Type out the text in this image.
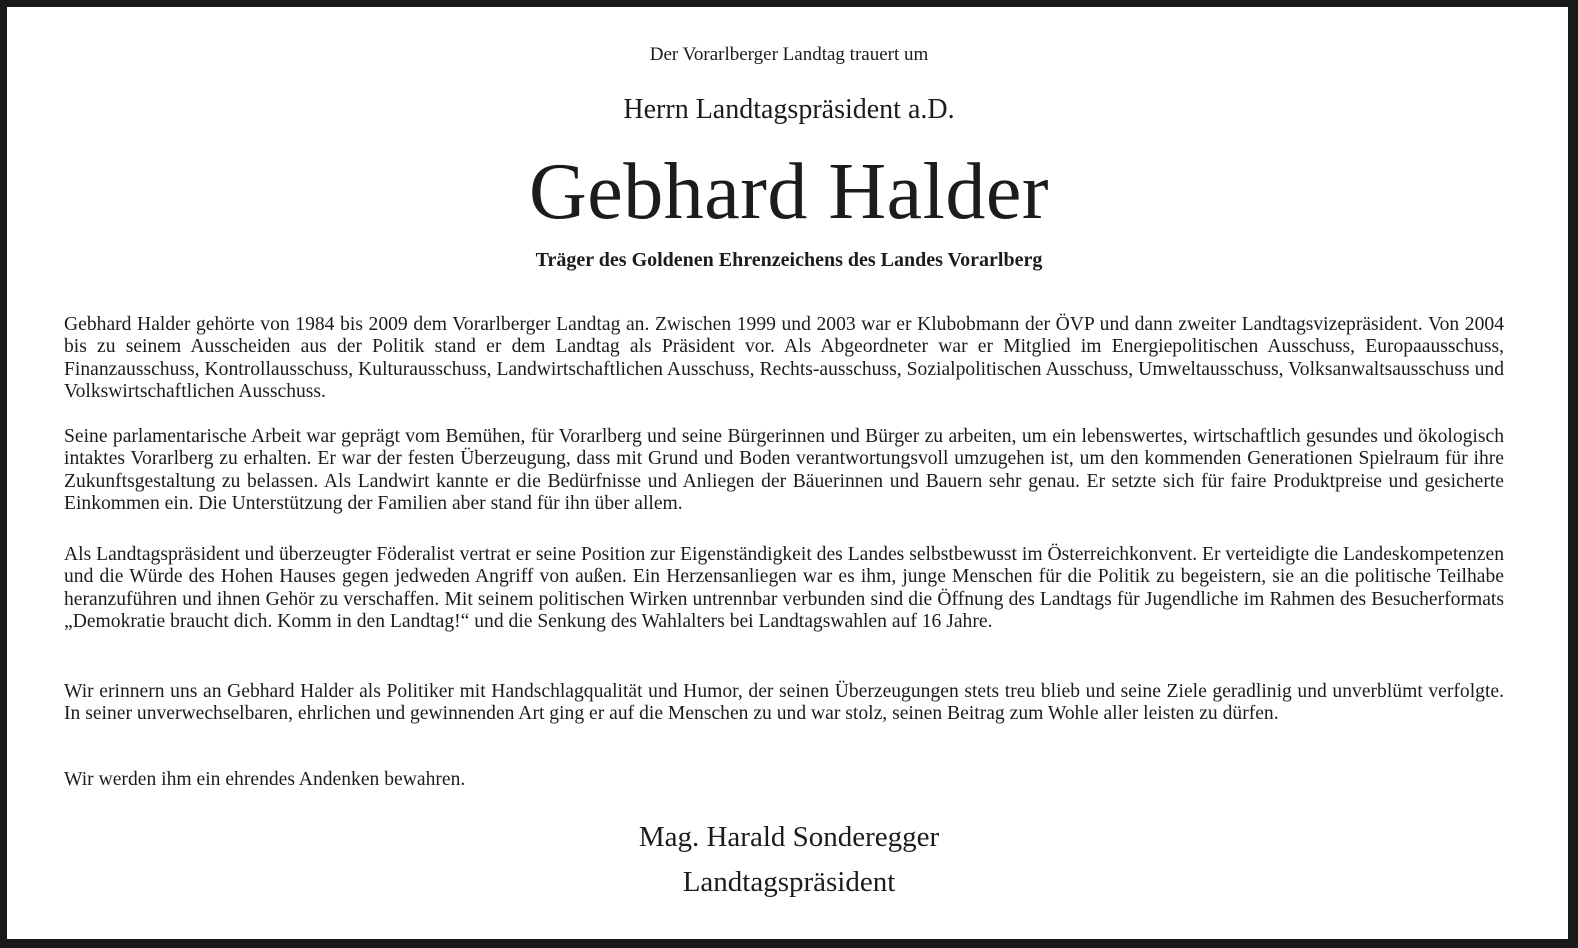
Der Vorarlberger Landtag trauert um
Herrn Landtagspräsident a.D.
Gebhard Halder
Träger des Goldenen Ehrenzeichens des Landes Vorarlberg

Gebhard Halder gehörte von 1984 bis 2009 dem Vorarlberger Landtag an. Zwischen 1999 und 2003 war er Klubobmann der ÖVP und dann zweiter Landtagsvizepräsident. Von 2004 bis zu seinem Ausscheiden aus der Politik stand er dem Landtag als Präsident vor. Als Abgeordneter war er Mitglied im Energiepolitischen Ausschuss, Europaausschuss, Finanzausschuss, Kontrollausschuss, Kulturausschuss, Landwirtschaftlichen Ausschuss, Rechts-ausschuss, Sozialpolitischen Ausschuss, Umweltausschuss, Volksanwaltsausschuss und Volkswirtschaftlichen Ausschuss.

Seine parlamentarische Arbeit war geprägt vom Bemühen, für Vorarlberg und seine Bürgerinnen und Bürger zu arbeiten, um ein lebenswertes, wirtschaftlich gesundes und ökologisch intaktes Vorarlberg zu erhalten. Er war der festen Überzeugung, dass mit Grund und Boden verantwortungsvoll umzugehen ist, um den kommenden Generationen Spielraum für ihre Zukunftsgestaltung zu belassen. Als Landwirt kannte er die Bedürfnisse und Anliegen der Bäuerinnen und Bauern sehr genau. Er setzte sich für faire Produktpreise und gesicherte Einkommen ein. Die Unterstützung der Familien aber stand für ihn über allem.

Als Landtagspräsident und überzeugter Föderalist vertrat er seine Position zur Eigenständigkeit des Landes selbstbewusst im Österreichkonvent. Er verteidigte die Landeskompetenzen und die Würde des Hohen Hauses gegen jedweden Angriff von außen. Ein Herzensanliegen war es ihm, junge Menschen für die Politik zu begeistern, sie an die politische Teilhabe heranzuführen und ihnen Gehör zu verschaffen. Mit seinem politischen Wirken untrennbar verbunden sind die Öffnung des Landtags für Jugendliche im Rahmen des Besucherformats „Demokratie braucht dich. Komm in den Landtag!“ und die Senkung des Wahlalters bei Landtagswahlen auf 16 Jahre.

Wir erinnern uns an Gebhard Halder als Politiker mit Handschlagqualität und Humor, der seinen Überzeugungen stets treu blieb und seine Ziele geradlinig und unverblümt verfolgte. In seiner unverwechselbaren, ehrlichen und gewinnenden Art ging er auf die Menschen zu und war stolz, seinen Beitrag zum Wohle aller leisten zu dürfen.

Wir werden ihm ein ehrendes Andenken bewahren.

Mag. Harald Sonderegger
Landtagspräsident
